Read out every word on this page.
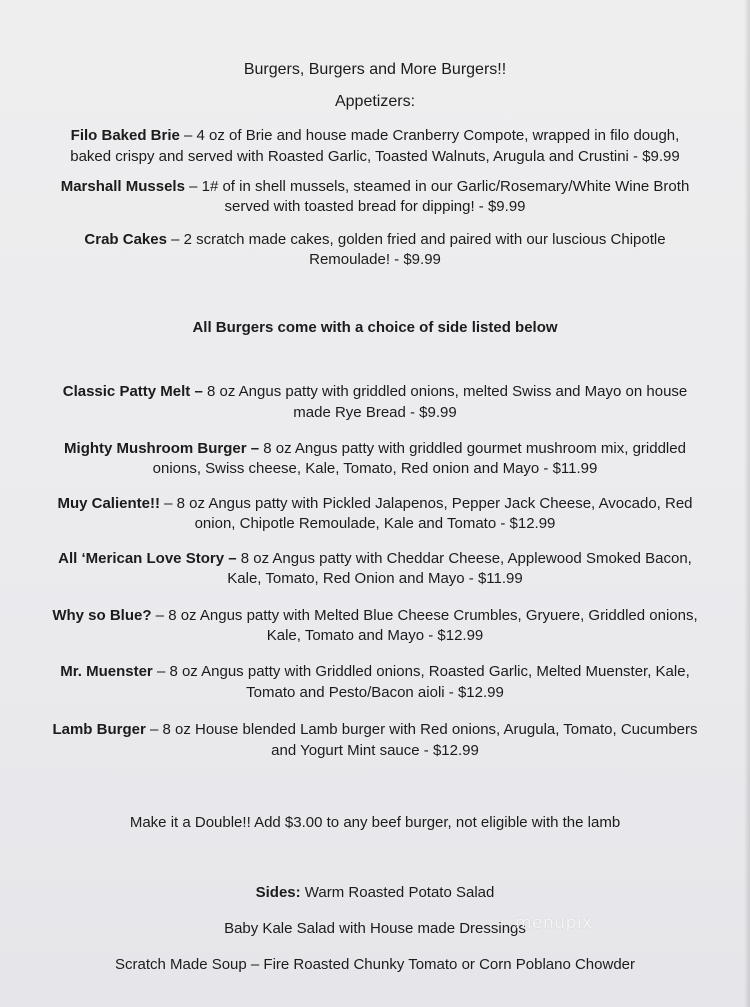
Burgers, Burgers and More Burgers!!
Appetizers:
Filo Baked Brie – 4 oz of Brie and house made Cranberry Compote, wrapped in filo dough,
baked crispy and served with Roasted Garlic, Toasted Walnuts, Arugula and Crustini - $9.99
Marshall Mussels – 1# of in shell mussels, steamed in our Garlic/Rosemary/White Wine Broth
served with toasted bread for dipping! - $9.99
Crab Cakes – 2 scratch made cakes, golden fried and paired with our luscious Chipotle
Remoulade! - $9.99
All Burgers come with a choice of side listed below
Classic Patty Melt – 8 oz Angus patty with griddled onions, melted Swiss and Mayo on house
made Rye Bread - $9.99
Mighty Mushroom Burger – 8 oz Angus patty with griddled gourmet mushroom mix, griddled
onions, Swiss cheese, Kale, Tomato, Red onion and Mayo - $11.99
Muy Caliente!! – 8 oz Angus patty with Pickled Jalapenos, Pepper Jack Cheese, Avocado, Red
onion, Chipotle Remoulade, Kale and Tomato - $12.99
All ‘Merican Love Story – 8 oz Angus patty with Cheddar Cheese, Applewood Smoked Bacon,
Kale, Tomato, Red Onion and Mayo - $11.99
Why so Blue? – 8 oz Angus patty with Melted Blue Cheese Crumbles, Gryuere, Griddled onions,
Kale, Tomato and Mayo - $12.99
Mr. Muenster – 8 oz Angus patty with Griddled onions, Roasted Garlic, Melted Muenster, Kale,
Tomato and Pesto/Bacon aioli - $12.99
Lamb Burger – 8 oz House blended Lamb burger with Red onions, Arugula, Tomato, Cucumbers
and Yogurt Mint sauce - $12.99
Make it a Double!! Add $3.00 to any beef burger, not eligible with the lamb
Sides: Warm Roasted Potato Salad
Baby Kale Salad with House made Dressings
Scratch Made Soup – Fire Roasted Chunky Tomato or Corn Poblano Chowder
menupix
